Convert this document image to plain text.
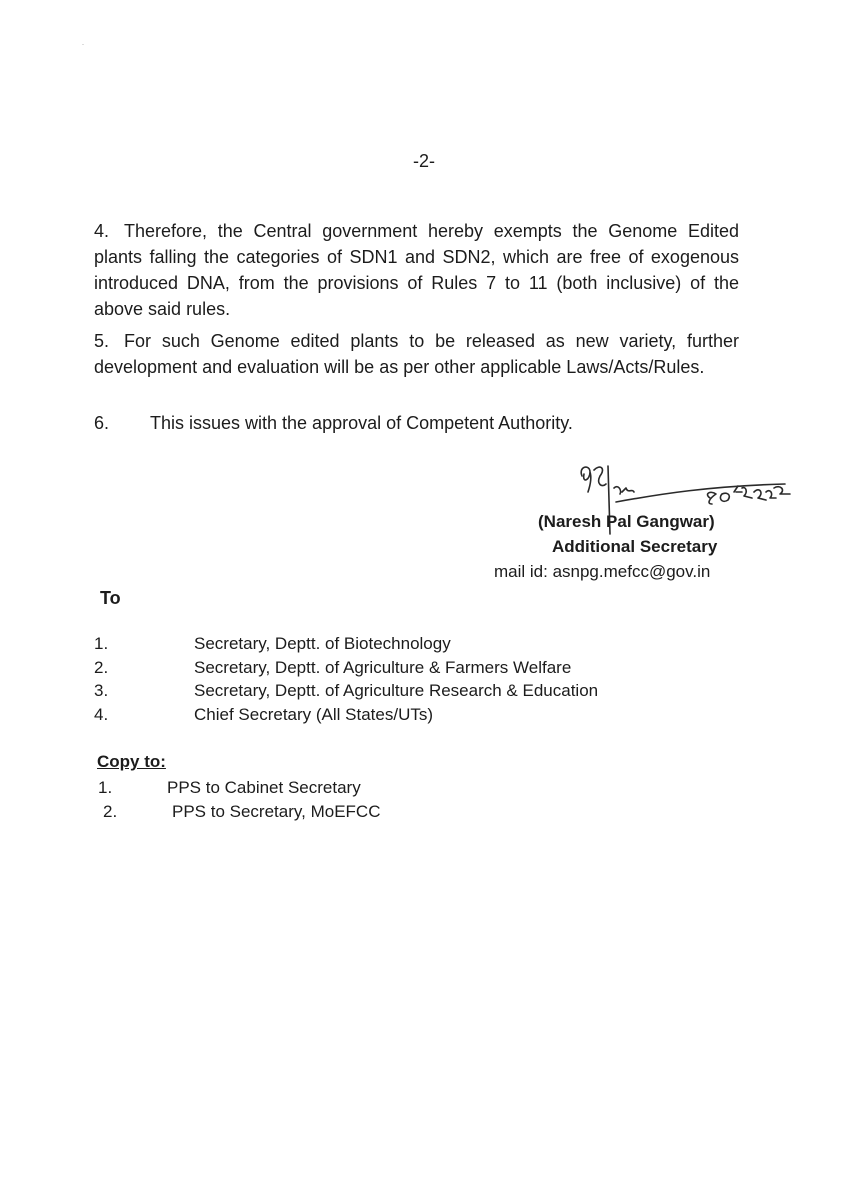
-2-
4. Therefore, the Central government hereby exempts the Genome Edited plants falling the categories of SDN1 and SDN2, which are free of exogenous introduced DNA, from the provisions of Rules 7 to 11 (both inclusive) of the above said rules.
5. For such Genome edited plants to be released as new variety, further development and evaluation will be as per other applicable Laws/Acts/Rules.
6. This issues with the approval of Competent Authority.
(Naresh Pal Gangwar)
Additional Secretary
mail id: asnpg.mefcc@gov.in
To
1.	Secretary, Deptt. of Biotechnology
2.	Secretary, Deptt. of Agriculture & Farmers Welfare
3.	Secretary, Deptt. of Agriculture Research & Education
4.	Chief Secretary (All States/UTs)
Copy to:
1.	PPS to Cabinet Secretary
2.	PPS to Secretary, MoEFCC
